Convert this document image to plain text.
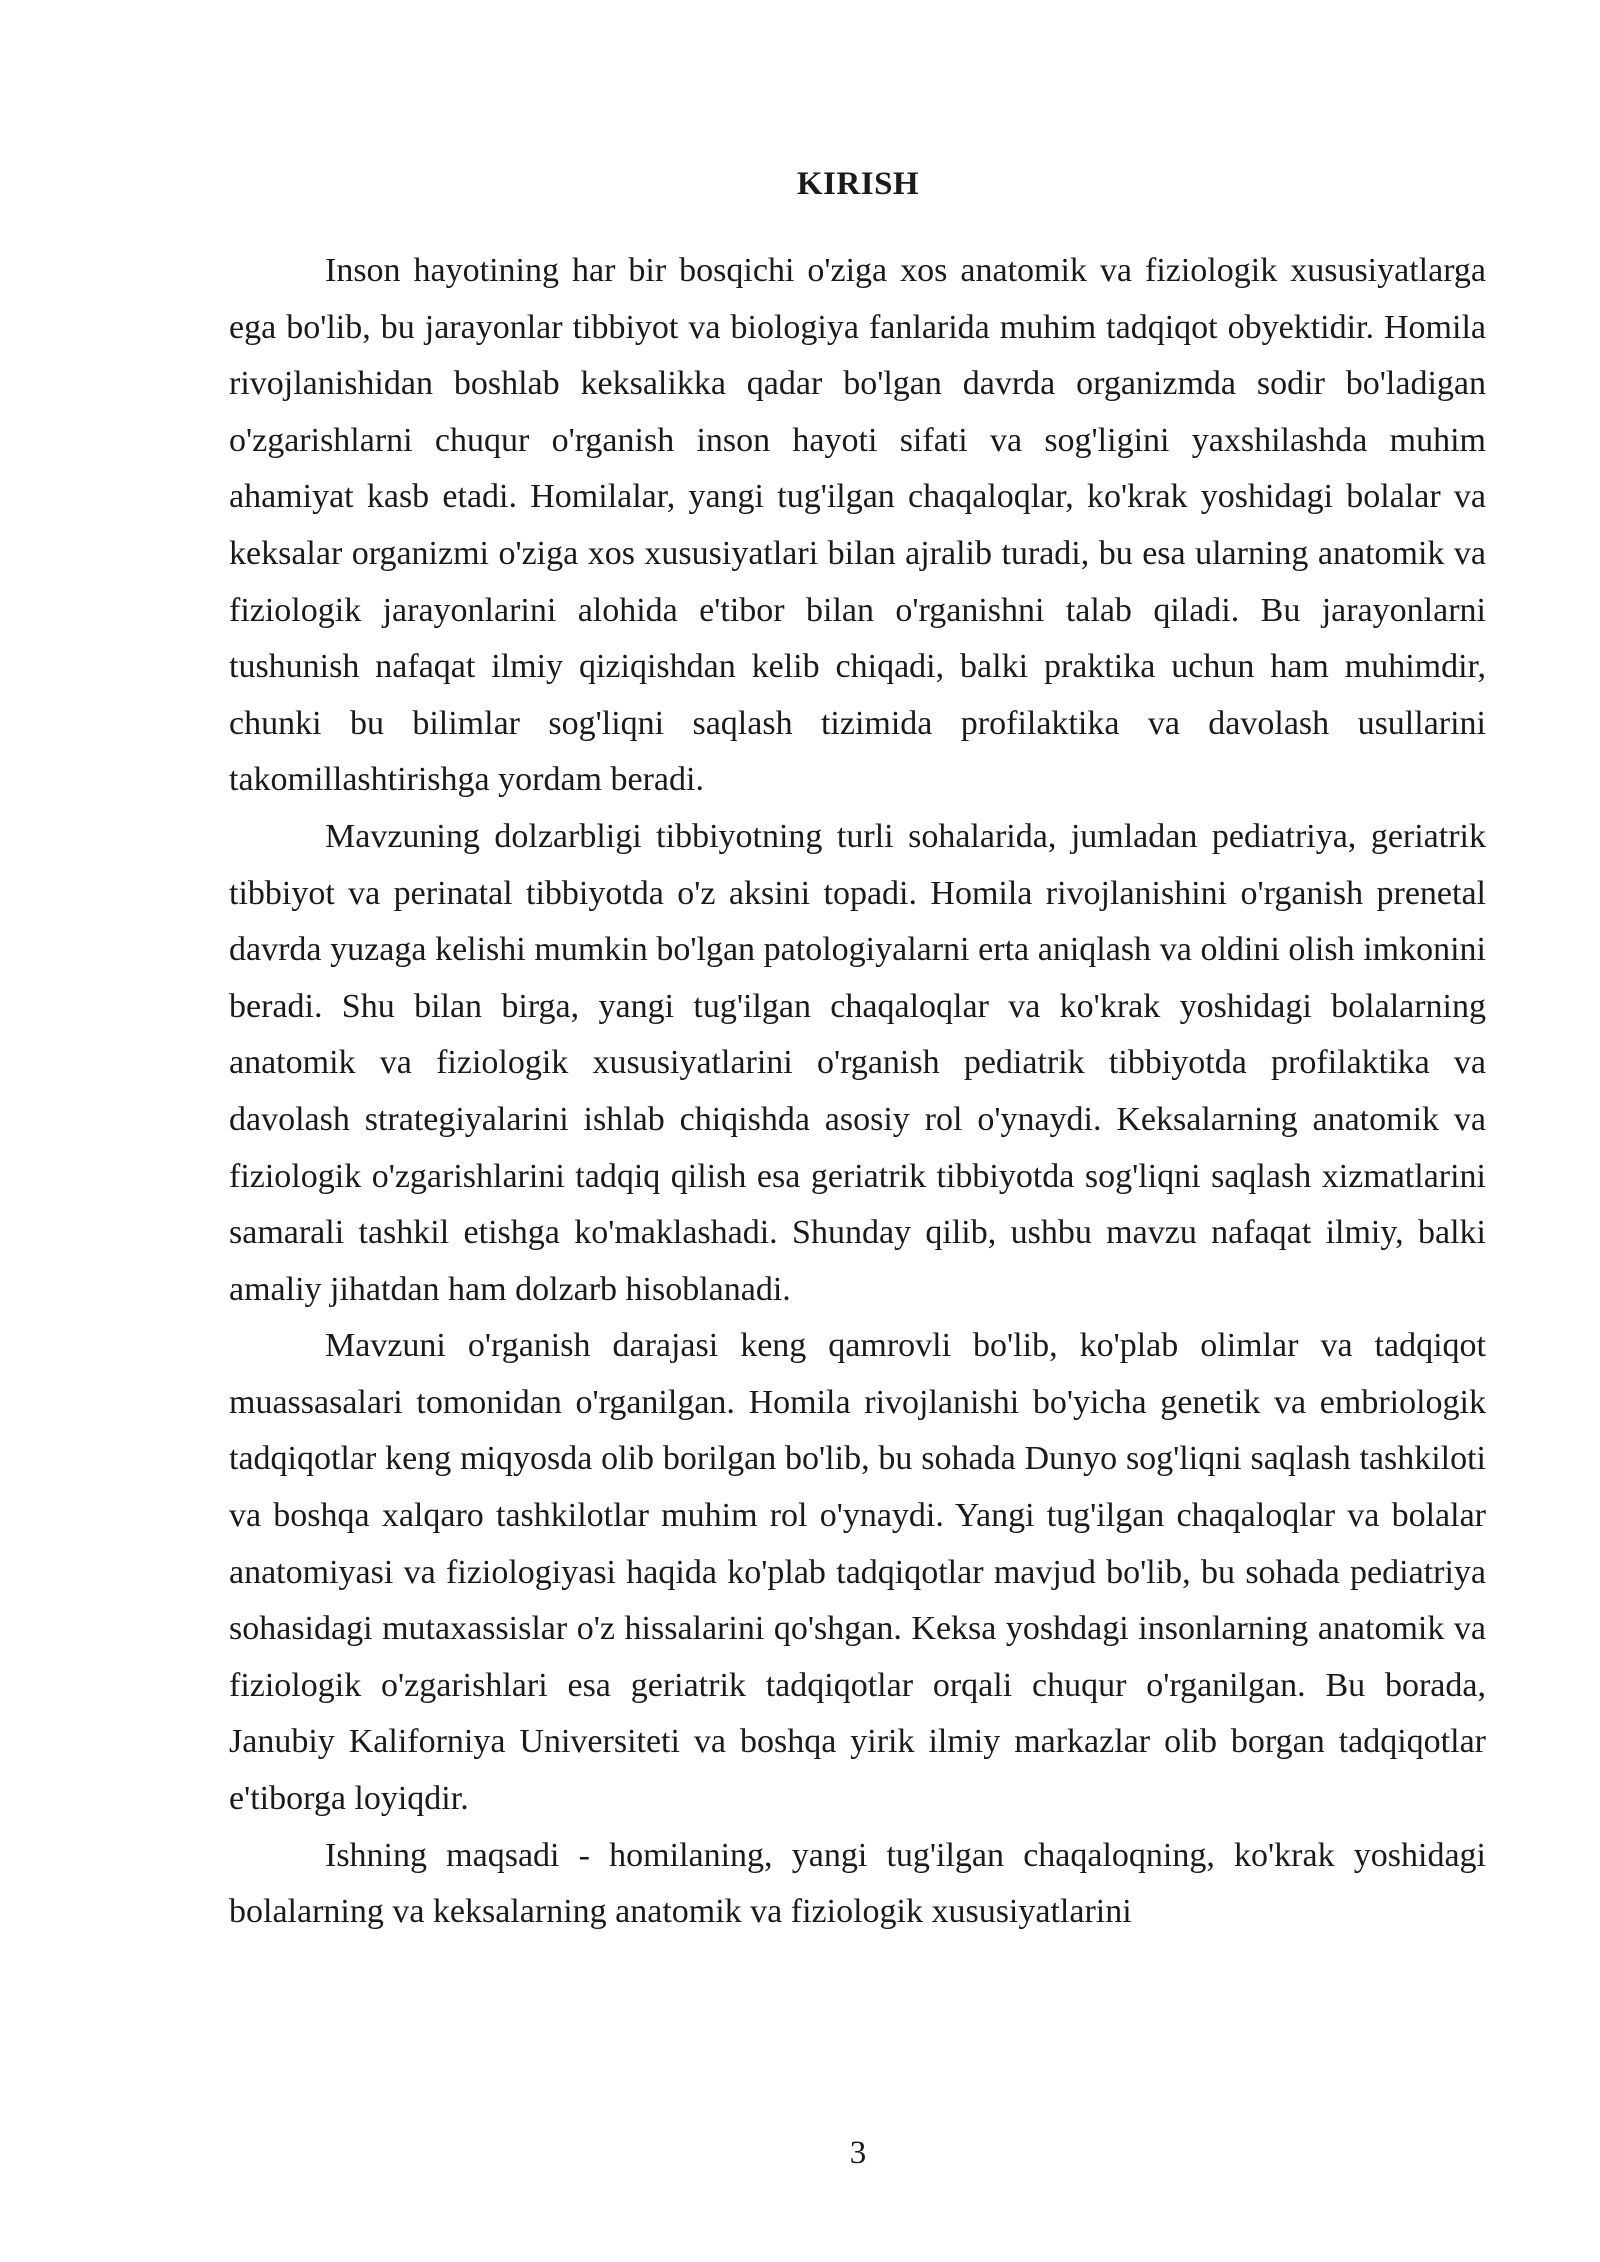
KIRISH

Inson hayotining har bir bosqichi o'ziga xos anatomik va fiziologik xususiyatlarga ega bo'lib, bu jarayonlar tibbiyot va biologiya fanlarida muhim tadqiqot obyektidir. Homila rivojlanishidan boshlab keksalikka qadar bo'lgan davrda organizmda sodir bo'ladigan o'zgarishlarni chuqur o'rganish inson hayoti sifati va sog'ligini yaxshilashda muhim ahamiyat kasb etadi. Homilalar, yangi tug'ilgan chaqaloqlar, ko'krak yoshidagi bolalar va keksalar organizmi o'ziga xos xususiyatlari bilan ajralib turadi, bu esa ularning anatomik va fiziologik jarayonlarini alohida e'tibor bilan o'rganishni talab qiladi. Bu jarayonlarni tushunish nafaqat ilmiy qiziqishdan kelib chiqadi, balki praktika uchun ham muhimdir, chunki bu bilimlar sog'liqni saqlash tizimida profilaktika va davolash usullarini takomillashtirishga yordam beradi.

Mavzuning dolzarbligi tibbiyotning turli sohalarida, jumladan pediatriya, geriatrik tibbiyot va perinatal tibbiyotda o'z aksini topadi. Homila rivojlanishini o'rganish prenetal davrda yuzaga kelishi mumkin bo'lgan patologiyalarni erta aniqlash va oldini olish imkonini beradi. Shu bilan birga, yangi tug'ilgan chaqaloqlar va ko'krak yoshidagi bolalarning anatomik va fiziologik xususiyatlarini o'rganish pediatrik tibbiyotda profilaktika va davolash strategiyalarini ishlab chiqishda asosiy rol o'ynaydi. Keksalarning anatomik va fiziologik o'zgarishlarini tadqiq qilish esa geriatrik tibbiyotda sog'liqni saqlash xizmatlarini samarali tashkil etishga ko'maklashadi. Shunday qilib, ushbu mavzu nafaqat ilmiy, balki amaliy jihatdan ham dolzarb hisoblanadi.

Mavzuni o'rganish darajasi keng qamrovli bo'lib, ko'plab olimlar va tadqiqot muassasalari tomonidan o'rganilgan. Homila rivojlanishi bo'yicha genetik va embriologik tadqiqotlar keng miqyosda olib borilgan bo'lib, bu sohada Dunyo sog'liqni saqlash tashkiloti va boshqa xalqaro tashkilotlar muhim rol o'ynaydi. Yangi tug'ilgan chaqaloqlar va bolalar anatomiyasi va fiziologiyasi haqida ko'plab tadqiqotlar mavjud bo'lib, bu sohada pediatriya sohasidagi mutaxassislar o'z hissalarini qo'shgan. Keksa yoshdagi insonlarning anatomik va fiziologik o'zgarishlari esa geriatrik tadqiqotlar orqali chuqur o'rganilgan. Bu borada, Janubiy Kaliforniya Universiteti va boshqa yirik ilmiy markazlar olib borgan tadqiqotlar e'tiborga loyiqdir.

Ishning maqsadi - homilaning, yangi tug'ilgan chaqaloqning, ko'krak yoshidagi bolalarning va keksalarning anatomik va fiziologik xususiyatlarini

3
